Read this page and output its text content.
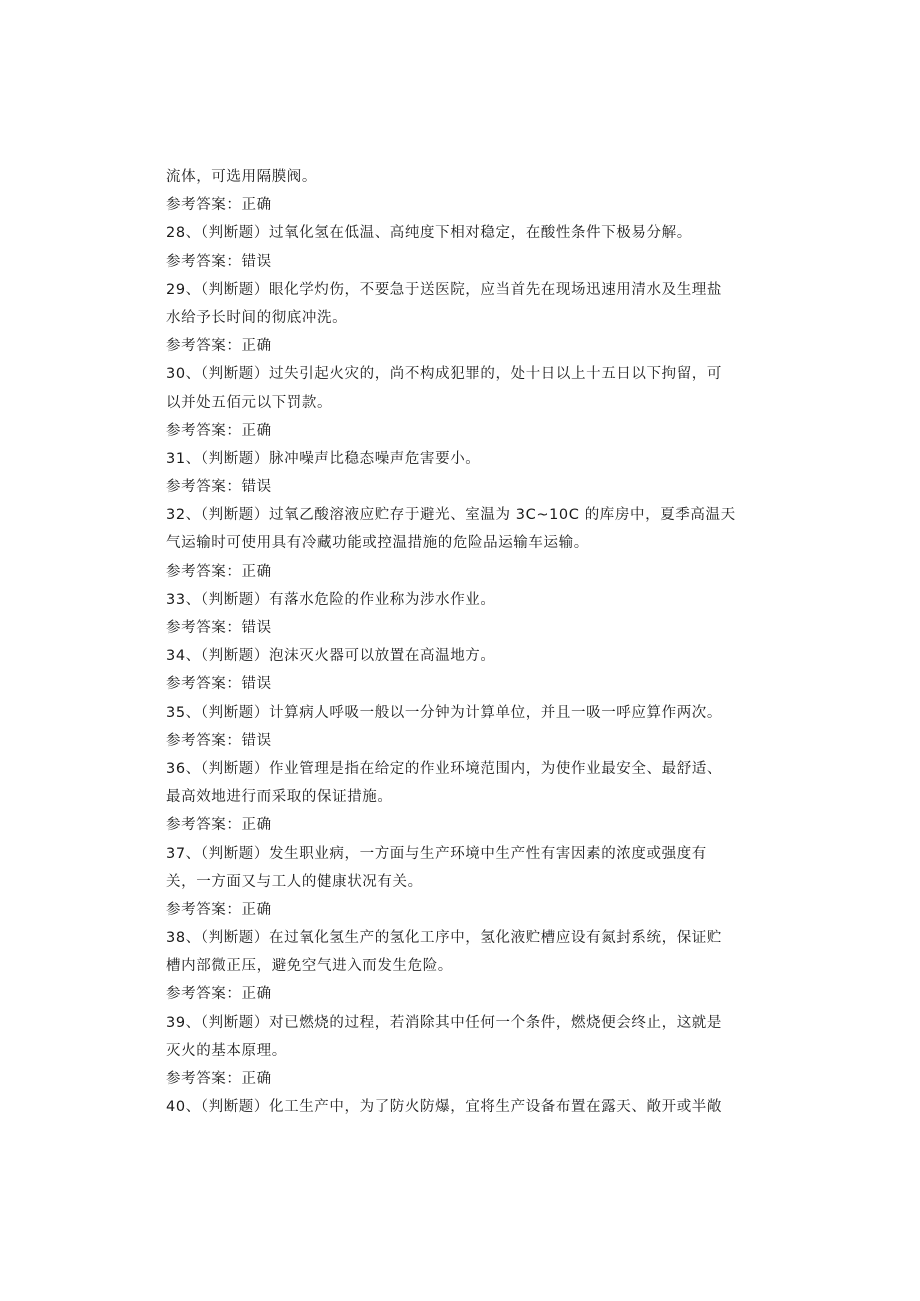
流体，可选用隔膜阀。
参考答案：正确
28、（判断题）过氧化氢在低温、高纯度下相对稳定，在酸性条件下极易分解。
参考答案：错误
29、（判断题）眼化学灼伤，不要急于送医院，应当首先在现场迅速用清水及生理盐
水给予长时间的彻底冲洗。
参考答案：正确
30、（判断题）过失引起火灾的，尚不构成犯罪的，处十日以上十五日以下拘留，可
以并处五佰元以下罚款。
参考答案：正确
31、（判断题）脉冲噪声比稳态噪声危害要小。
参考答案：错误
32、（判断题）过氧乙酸溶液应贮存于避光、室温为 3C~10C 的库房中，夏季高温天
气运输时可使用具有冷藏功能或控温措施的危险品运输车运输。
参考答案：正确
33、（判断题）有落水危险的作业称为涉水作业。
参考答案：错误
34、（判断题）泡沫灭火器可以放置在高温地方。
参考答案：错误
35、（判断题）计算病人呼吸一般以一分钟为计算单位，并且一吸一呼应算作两次。
参考答案：错误
36、（判断题）作业管理是指在给定的作业环境范围内，为使作业最安全、最舒适、
最高效地进行而采取的保证措施。
参考答案：正确
37、（判断题）发生职业病，一方面与生产环境中生产性有害因素的浓度或强度有
关，一方面又与工人的健康状况有关。
参考答案：正确
38、（判断题）在过氧化氢生产的氢化工序中，氢化液贮槽应设有氮封系统，保证贮
槽内部微正压，避免空气进入而发生危险。
参考答案：正确
39、（判断题）对已燃烧的过程，若消除其中任何一个条件，燃烧便会终止，这就是
灭火的基本原理。
参考答案：正确
40、（判断题）化工生产中，为了防火防爆，宜将生产设备布置在露天、敞开或半敞
